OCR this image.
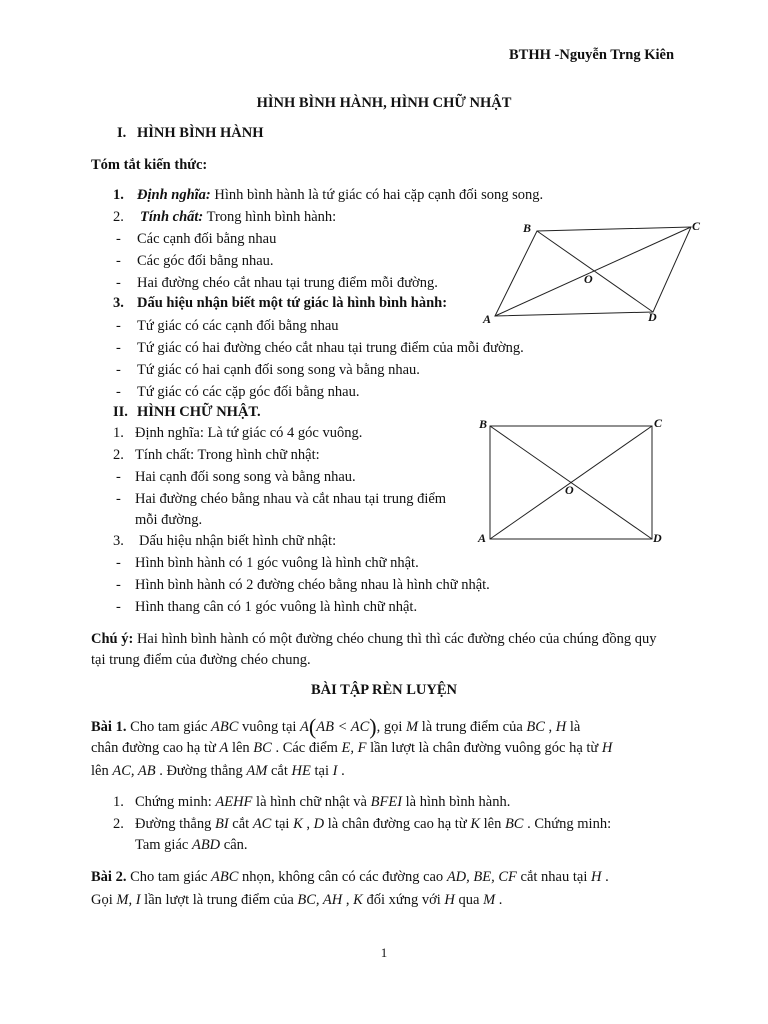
BTHH -Nguyễn Trng Kiên
HÌNH BÌNH HÀNH, HÌNH CHỮ NHẬT
I. HÌNH BÌNH HÀNH
Tóm tắt kiến thức:
1. Định nghĩa: Hình bình hành là tứ giác có hai cặp cạnh đối song song.
2. Tính chất: Trong hình bình hành:
- Các cạnh đối bằng nhau
- Các góc đối bằng nhau.
- Hai đường chéo cắt nhau tại trung điểm mỗi đường.
3. Dấu hiệu nhận biết một tứ giác là hình bình hành:
- Tứ giác có các cạnh đối bằng nhau
- Tứ giác có hai đường chéo cắt nhau tại trung điểm của mỗi đường.
- Tứ giác có hai cạnh đối song song và bằng nhau.
- Tứ giác có các cặp góc đối bằng nhau.
B	C
O
A	D
II. HÌNH CHỮ NHẬT.
1. Định nghĩa: Là tứ giác có 4 góc vuông.
2. Tính chất: Trong hình chữ nhật:
- Hai cạnh đối song song và bằng nhau.
- Hai đường chéo bằng nhau và cắt nhau tại trung điểm
mỗi đường.
3. Dấu hiệu nhận biết hình chữ nhật:
- Hình bình hành có 1 góc vuông là hình chữ nhật.
- Hình bình hành có 2 đường chéo bằng nhau là hình chữ nhật.
- Hình thang cân có 1 góc vuông là hình chữ nhật.
B	C
O
A	D
Chú ý: Hai hình bình hành có một đường chéo chung thì thì các đường chéo của chúng đồng quy
tại trung điểm của đường chéo chung.
BÀI TẬP RÈN LUYỆN
Bài 1. Cho tam giác ABC vuông tại A(AB < AC), gọi M là trung điểm của BC , H là
chân đường cao hạ từ A lên BC . Các điểm E, F lần lượt là chân đường vuông góc hạ từ H
lên AC, AB . Đường thẳng AM cắt HE tại I .
1. Chứng minh: AEHF là hình chữ nhật và BFEI là hình bình hành.
2. Đường thẳng BI cắt AC tại K , D là chân đường cao hạ từ K lên BC . Chứng minh:
Tam giác ABD cân.
Bài 2. Cho tam giác ABC nhọn, không cân có các đường cao AD, BE, CF cắt nhau tại H .
Gọi M, I lần lượt là trung điểm của BC, AH , K đối xứng với H qua M .
1
